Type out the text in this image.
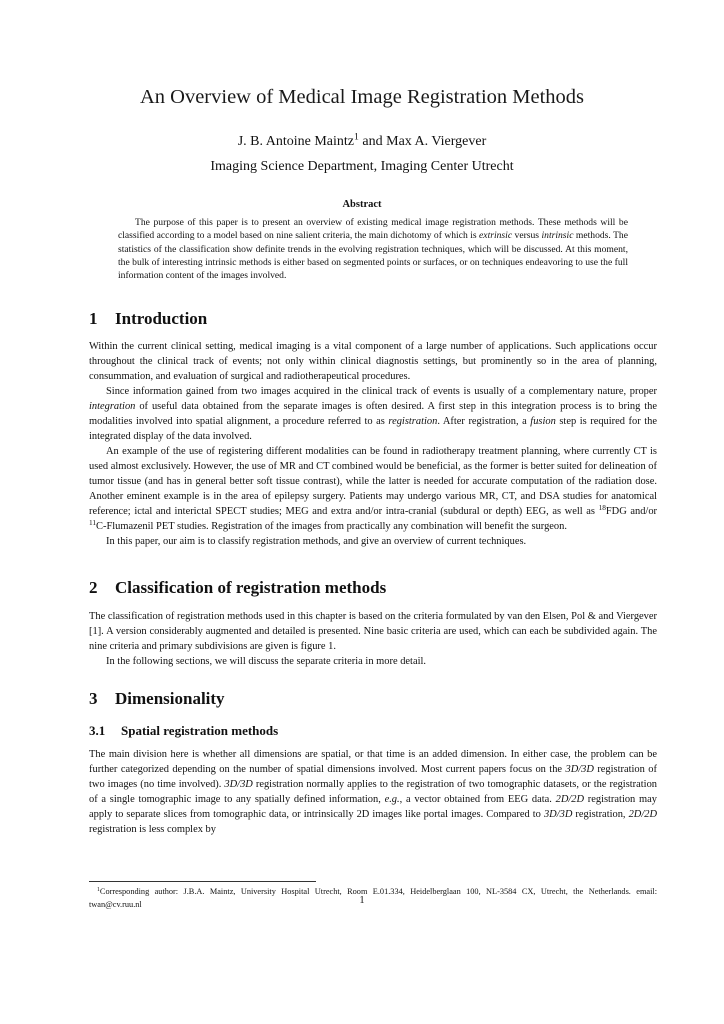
An Overview of Medical Image Registration Methods
J. B. Antoine Maintz$^1$ and Max A. Viergever
Imaging Science Department, Imaging Center Utrecht
Abstract

The purpose of this paper is to present an overview of existing medical image registration methods. These methods will be classified according to a model based on nine salient criteria, the main dichotomy of which is extrinsic versus intrinsic methods. The statistics of the classification show definite trends in the evolving registration techniques, which will be discussed. At this moment, the bulk of interesting intrinsic methods is either based on segmented points or surfaces, or on techniques endeavoring to use the full information content of the images involved.

1 Introduction

Within the current clinical setting, medical imaging is a vital component of a large number of applications. Such applications occur throughout the clinical track of events; not only within clinical diagnostis settings, but prominently so in the area of planning, consummation, and evaluation of surgical and radiotherapeutical procedures.

Since information gained from two images acquired in the clinical track of events is usually of a complementary nature, proper integration of useful data obtained from the separate images is often desired. A first step in this integration process is to bring the modalities involved into spatial alignment, a procedure referred to as registration. After registration, a fusion step is required for the integrated display of the data involved.

An example of the use of registering different modalities can be found in radiotherapy treatment planning, where currently CT is used almost exclusively. However, the use of MR and CT combined would be beneficial, as the former is better suited for delineation of tumor tissue (and has in general better soft tissue contrast), while the latter is needed for accurate computation of the radiation dose. Another eminent example is in the area of epilepsy surgery. Patients may undergo various MR, CT, and DSA studies for anatomical reference; ictal and interictal SPECT studies; MEG and extra and/or intra-cranial (subdural or depth) EEG, as well as $^{18}$FDG and/or $^{11}$C-Flumazenil PET studies. Registration of the images from practically any combination will benefit the surgeon.

In this paper, our aim is to classify registration methods, and give an overview of current techniques.

2 Classification of registration methods

The classification of registration methods used in this chapter is based on the criteria formulated by van den Elsen, Pol & and Viergever [1]. A version considerably augmented and detailed is presented. Nine basic criteria are used, which can each be subdivided again. The nine criteria and primary subdivisions are given is figure 1.

In the following sections, we will discuss the separate criteria in more detail.

3 Dimensionality
3.1 Spatial registration methods

The main division here is whether all dimensions are spatial, or that time is an added dimension. In either case, the problem can be further categorized depending on the number of spatial dimensions involved. Most current papers focus on the 3D/3D registration of two images (no time involved). 3D/3D registration normally applies to the registration of two tomographic datasets, or the registration of a single tomographic image to any spatially defined information, e.g., a vector obtained from EEG data. 2D/2D registration may apply to separate slices from tomographic data, or intrinsically 2D images like portal images. Compared to 3D/3D registration, 2D/2D registration is less complex by

$^1$Corresponding author: J.B.A. Maintz, University Hospital Utrecht, Room E.01.334, Heidelberglaan 100, NL-3584 CX, Utrecht, the Netherlands. email: twan@cv.ruu.nl	1
